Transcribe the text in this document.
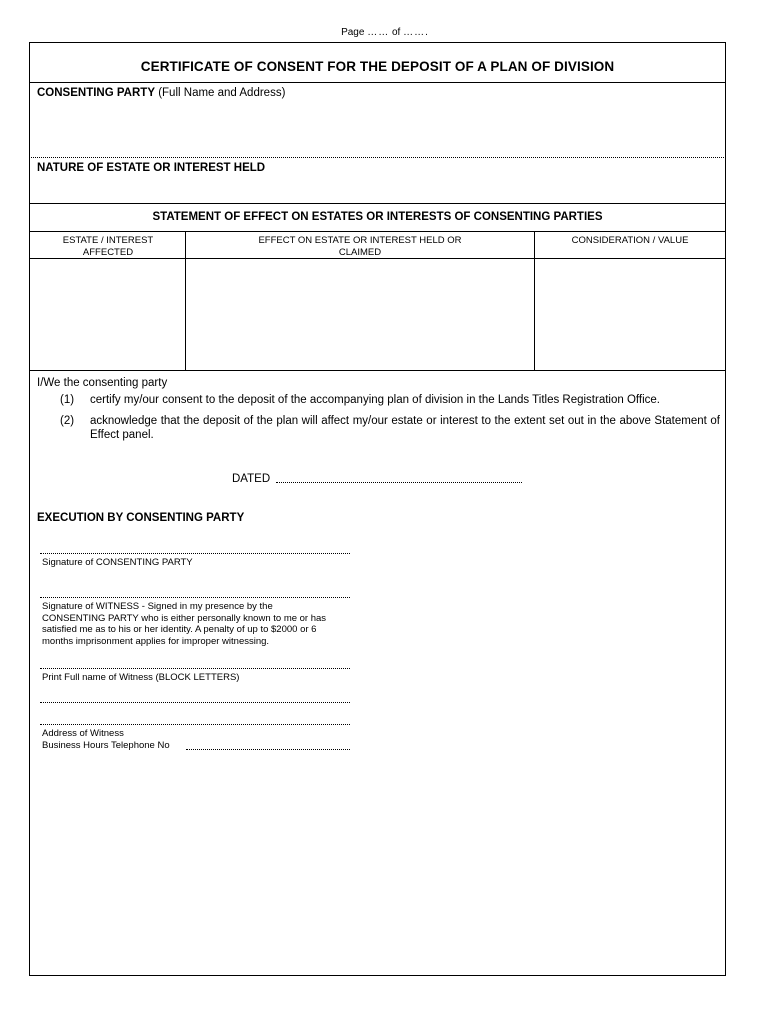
Page …… of …….
CERTIFICATE OF CONSENT FOR THE DEPOSIT OF A PLAN OF DIVISION
CONSENTING PARTY (Full Name and Address)
NATURE OF ESTATE OR INTEREST HELD
STATEMENT OF EFFECT ON ESTATES OR INTERESTS OF CONSENTING PARTIES
ESTATE / INTEREST
AFFECTED
EFFECT ON ESTATE OR INTEREST HELD OR
CLAIMED
CONSIDERATION / VALUE
I/We the consenting party
(1) certify my/our consent to the deposit of the accompanying plan of division in the Lands Titles Registration Office.
(2) acknowledge that the deposit of the plan will affect my/our estate or interest to the extent set out in the above Statement of Effect panel.
DATED
EXECUTION BY CONSENTING PARTY
Signature of CONSENTING PARTY
Signature of WITNESS - Signed in my presence by the
CONSENTING PARTY who is either personally known to me or has
satisfied me as to his or her identity. A penalty of up to $2000 or 6
months imprisonment applies for improper witnessing.
Print Full name of Witness (BLOCK LETTERS)
Address of Witness
Business Hours Telephone No
